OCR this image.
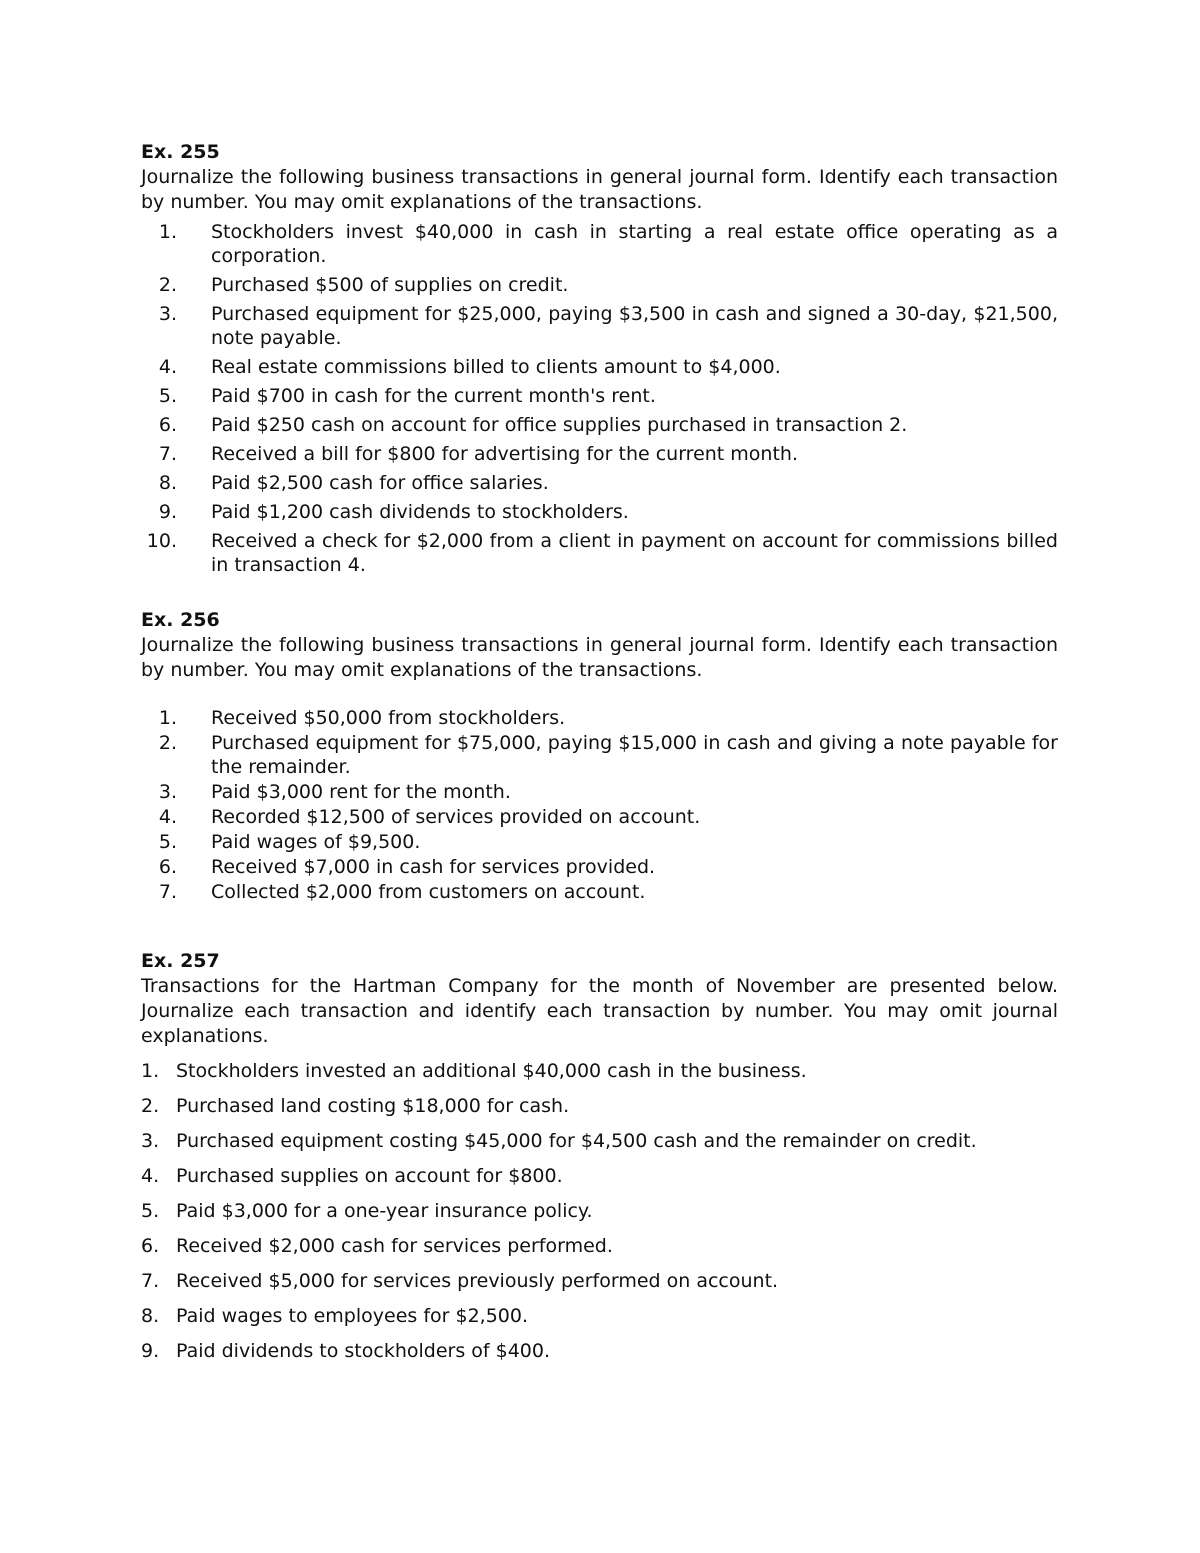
Ex. 255

Journalize the following business transactions in general journal form. Identify each transaction by number. You may omit explanations of the transactions.

1. Stockholders invest $40,000 in cash in starting a real estate office operating as a corporation.
2. Purchased $500 of supplies on credit.
3. Purchased equipment for $25,000, paying $3,500 in cash and signed a 30-day, $21,500, note payable.
4. Real estate commissions billed to clients amount to $4,000.
5. Paid $700 in cash for the current month's rent.
6. Paid $250 cash on account for office supplies purchased in transaction 2.
7. Received a bill for $800 for advertising for the current month.
8. Paid $2,500 cash for office salaries.
9. Paid $1,200 cash dividends to stockholders.
10. Received a check for $2,000 from a client in payment on account for commissions billed in transaction 4.
Ex. 256

Journalize the following business transactions in general journal form. Identify each transaction by number. You may omit explanations of the transactions.

1. Received $50,000 from stockholders.
2. Purchased equipment for $75,000, paying $15,000 in cash and giving a note payable for the remainder.
3. Paid $3,000 rent for the month.
4. Recorded $12,500 of services provided on account.
5. Paid wages of $9,500.
6. Received $7,000 in cash for services provided.
7. Collected $2,000 from customers on account.
Ex. 257

Transactions for the Hartman Company for the month of November are presented below. Journalize each transaction and identify each transaction by number. You may omit journal explanations.

1. Stockholders invested an additional $40,000 cash in the business.
2. Purchased land costing $18,000 for cash.
3. Purchased equipment costing $45,000 for $4,500 cash and the remainder on credit.
4. Purchased supplies on account for $800.
5. Paid $3,000 for a one-year insurance policy.
6. Received $2,000 cash for services performed.
7. Received $5,000 for services previously performed on account.
8. Paid wages to employees for $2,500.
9. Paid dividends to stockholders of $400.
